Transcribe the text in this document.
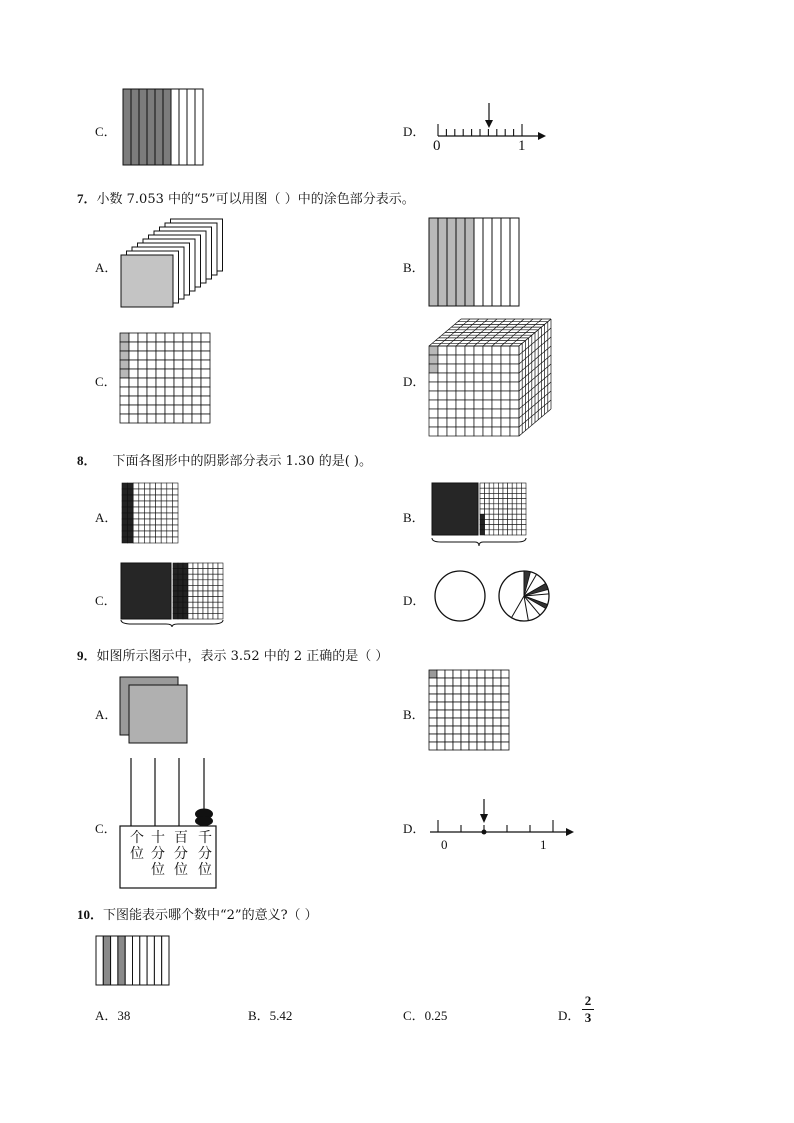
C．	D．
0	1
7．小数 7.053 中的“5”可以用图（ ）中的涂色部分表示。
A．	B．
C．	D．
8． 下面各图形中的阴影部分表示 1.30 的是( )。
A．	B．
C．	D．
9．如图所示图示中，表示 3.52 中的 2 正确的是（ ）
A．	B．
C．
个位
十分位
百分位
千分位
D．
0	1
10．下图能表示哪个数中“2”的意义?（ ）
A．38	B．5.42	C．0.25	D．
2
3
